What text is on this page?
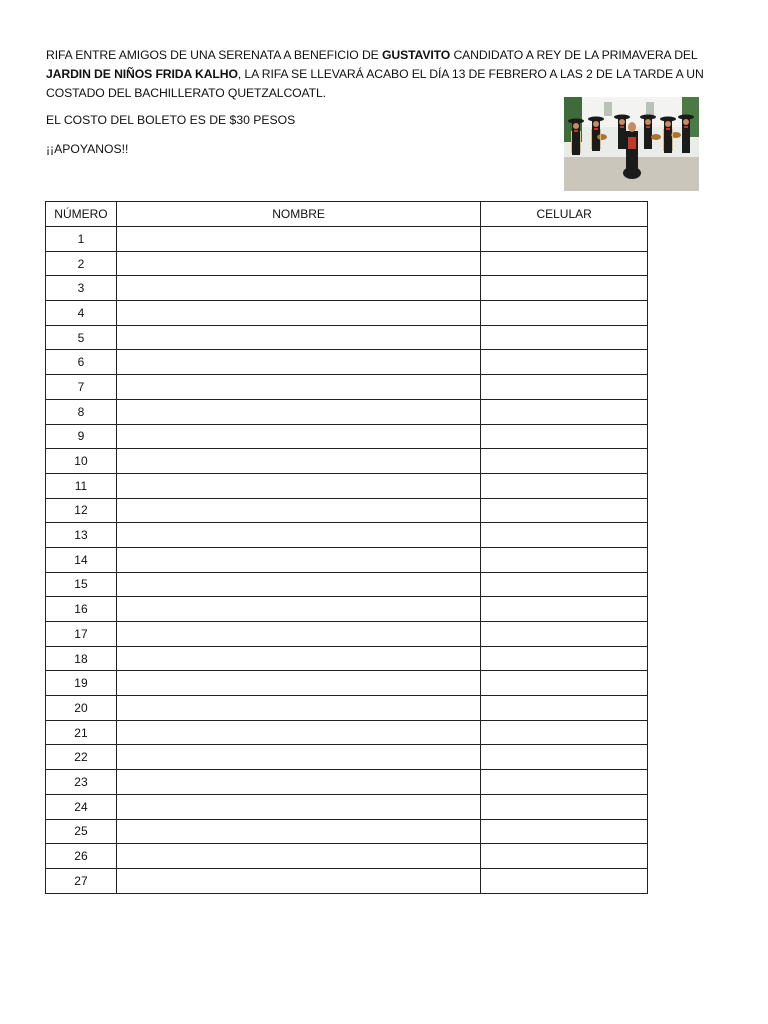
RIFA ENTRE AMIGOS DE UNA SERENATA A BENEFICIO DE GUSTAVITO CANDIDATO A REY DE LA PRIMAVERA DEL JARDIN DE NIÑOS FRIDA KALHO, LA RIFA SE LLEVARÁ ACABO EL DÍA 13 DE FEBRERO A LAS 2 DE LA TARDE A UN COSTADO DEL BACHILLERATO QUETZALCOATL.
EL COSTO DEL BOLETO ES DE $30 PESOS
¡¡APOYANOS!!
NÚMERO	NOMBRE	CELULAR
1		
2		
3		
4		
5		
6		
7		
8		
9		
10		
11		
12		
13		
14		
15		
16		
17		
18		
19		
20		
21		
22		
23		
24		
25		
26		
27		
